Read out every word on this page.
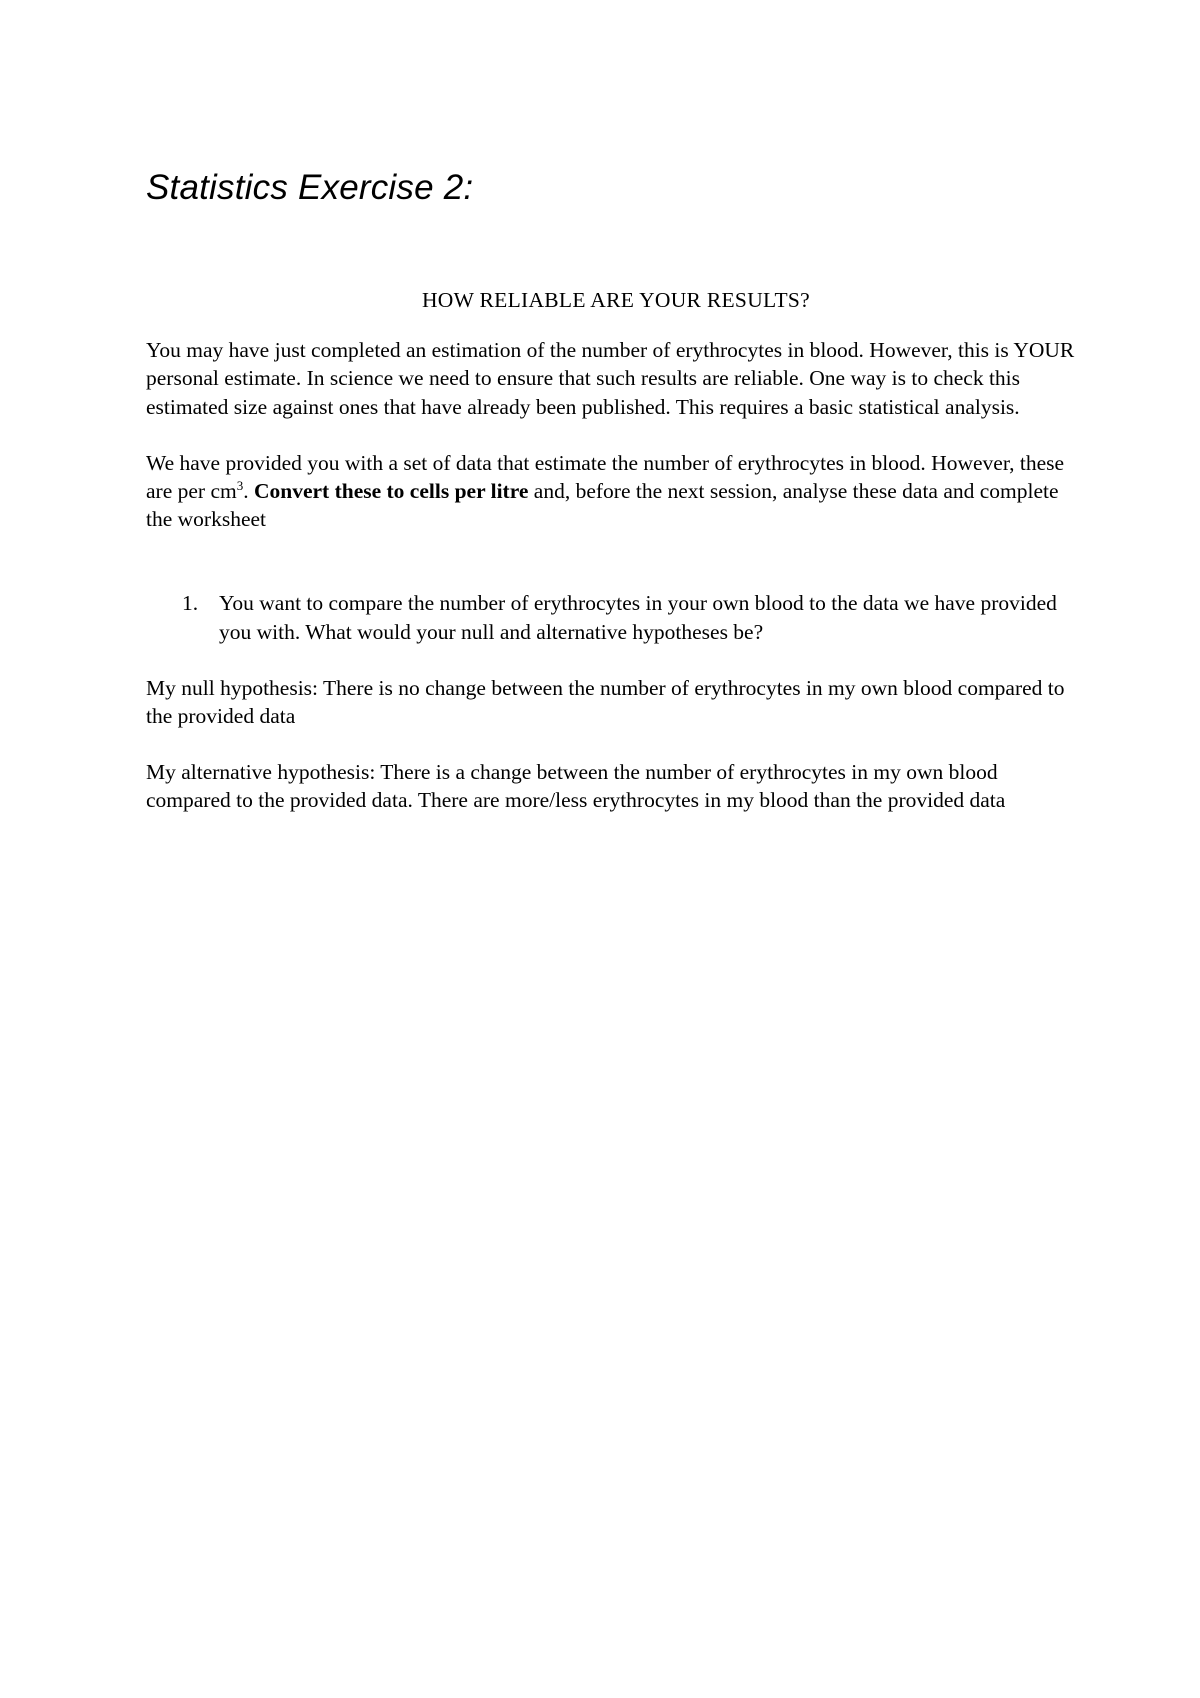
Statistics Exercise 2:
HOW RELIABLE ARE YOUR RESULTS?

You may have just completed an estimation of the number of erythrocytes in blood. However, this is YOUR personal estimate. In science we need to ensure that such results are reliable. One way is to check this estimated size against ones that have already been published. This requires a basic statistical analysis.

We have provided you with a set of data that estimate the number of erythrocytes in blood. However, these are per $cm^3$. Convert these to cells per litre and, before the next session, analyse these data and complete the worksheet

1. You want to compare the number of erythrocytes in your own blood to the data we have provided you with. What would your null and alternative hypotheses be?

My null hypothesis: There is no change between the number of erythrocytes in my own blood compared to the provided data

My alternative hypothesis: There is a change between the number of erythrocytes in my own blood compared to the provided data. There are more/less erythrocytes in my blood than the provided data
